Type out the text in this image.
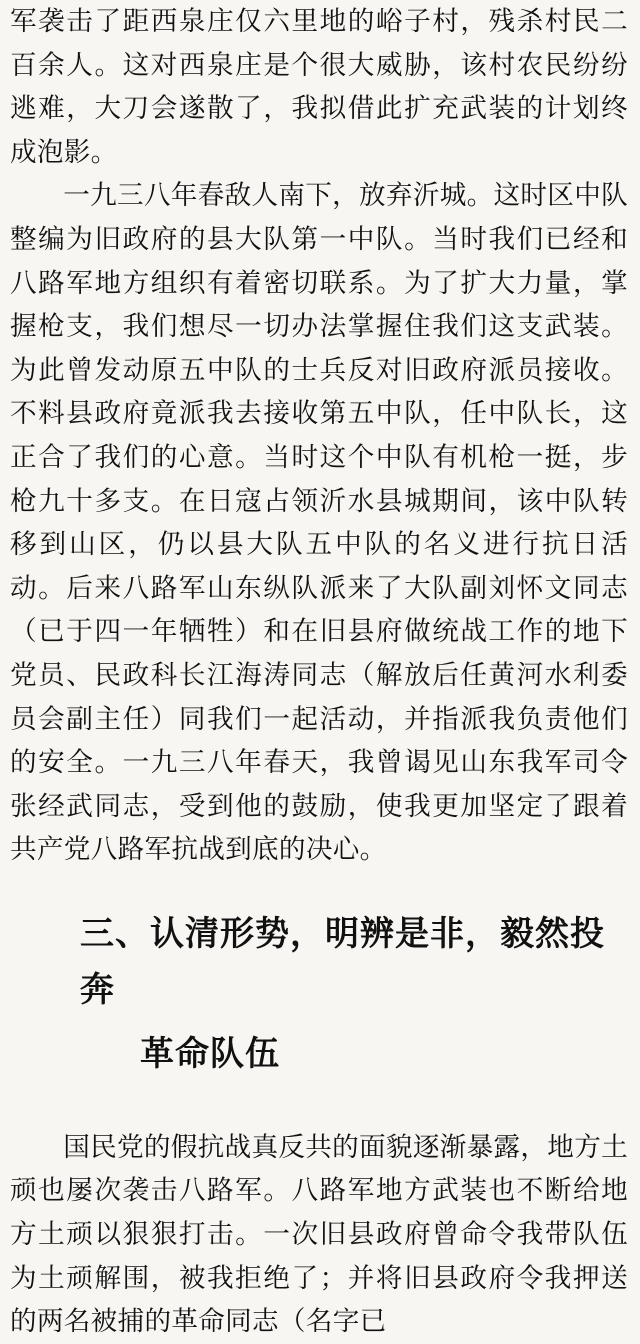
军袭击了距西泉庄仅六里地的峪子村，残杀村民二百余人。这对西泉庄是个很大威胁，该村农民纷纷逃难，大刀会遂散了，我拟借此扩充武装的计划终成泡影。

一九三八年春敌人南下，放弃沂城。这时区中队整编为旧政府的县大队第一中队。当时我们已经和八路军地方组织有着密切联系。为了扩大力量，掌握枪支，我们想尽一切办法掌握住我们这支武装。为此曾发动原五中队的士兵反对旧政府派员接收。不料县政府竟派我去接收第五中队，任中队长，这正合了我们的心意。当时这个中队有机枪一挺，步枪九十多支。在日寇占领沂水县城期间，该中队转移到山区，仍以县大队五中队的名义进行抗日活动。后来八路军山东纵队派来了大队副刘怀文同志（已于四一年牺牲）和在旧县府做统战工作的地下党员、民政科长江海涛同志（解放后任黄河水利委员会副主任）同我们一起活动，并指派我负责他们的安全。一九三八年春天，我曾谒见山东我军司令张经武同志，受到他的鼓励，使我更加坚定了跟着共产党八路军抗战到底的决心。

三、认清形势，明辨是非，毅然投奔
革命队伍

国民党的假抗战真反共的面貌逐渐暴露，地方土顽也屡次袭击八路军。八路军地方武装也不断给地方土顽以狠狠打击。一次旧县政府曾命令我带队伍为土顽解围，被我拒绝了；并将旧县政府令我押送的两名被捕的革命同志（名字已
